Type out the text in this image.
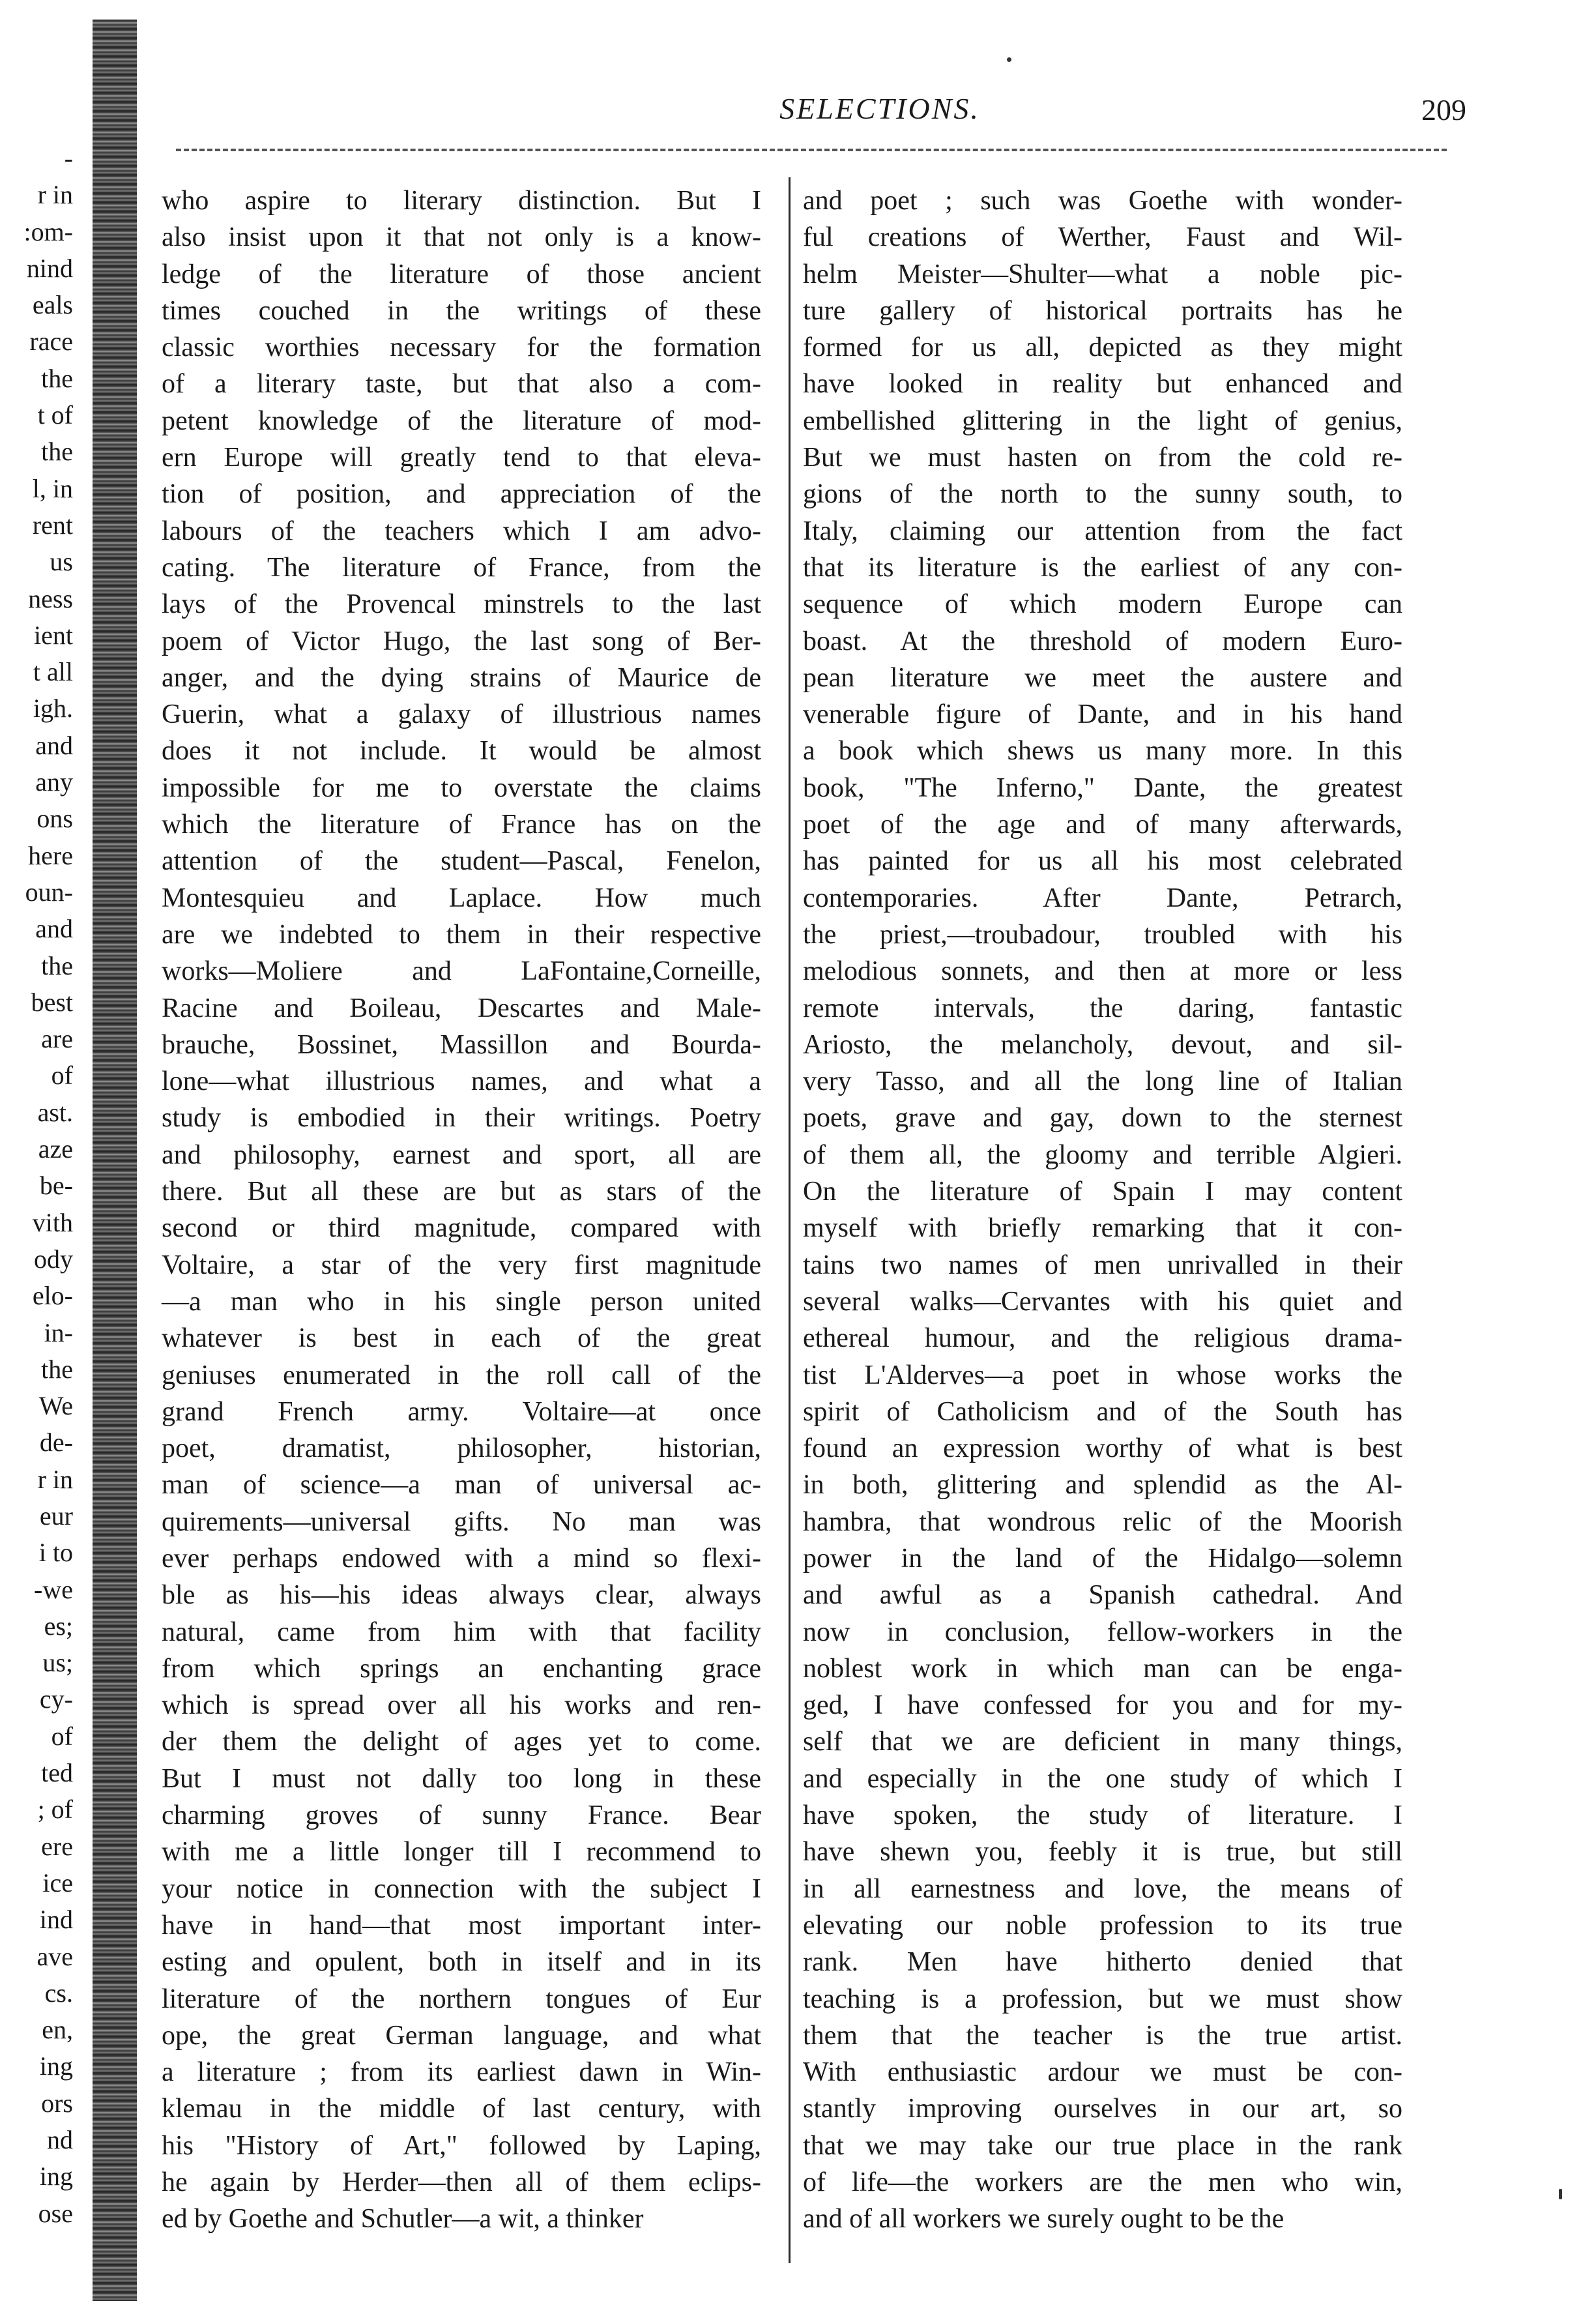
-
r in
:om-
nind
eals
race
the
t of
the
l, in
rent
us
ness
ient
t all
igh.
and
any
ons
here
oun-
and
the
best
are
of
ast.
aze
be-
vith
ody
elo-
in-
the
We
de-
r in
eur
i to
-we
es;
us;
cy-
of
ted
; of
ere
ice
ind
ave
cs.
en,
ing
ors
nd
ing
ose
SELECTIONS.	209
who aspire to literary distinction. But I
also insist upon it that not only is a know-
ledge of the literature of those ancient
times couched in the writings of these
classic worthies necessary for the formation
of a literary taste, but that also a com-
petent knowledge of the literature of mod-
ern Europe will greatly tend to that eleva-
tion of position, and appreciation of the
labours of the teachers which I am advo-
cating. The literature of France, from the
lays of the Provencal minstrels to the last
poem of Victor Hugo, the last song of Ber-
anger, and the dying strains of Maurice de
Guerin, what a galaxy of illustrious names
does it not include. It would be almost
impossible for me to overstate the claims
which the literature of France has on the
attention of the student—Pascal, Fenelon,
Montesquieu and Laplace. How much
are we indebted to them in their respective
works—Moliere and LaFontaine,Corneille,
Racine and Boileau, Descartes and Male-
brauche, Bossinet, Massillon and Bourda-
lone—what illustrious names, and what a
study is embodied in their writings. Poetry
and philosophy, earnest and sport, all are
there. But all these are but as stars of the
second or third magnitude, compared with
Voltaire, a star of the very first magnitude
—a man who in his single person united
whatever is best in each of the great
geniuses enumerated in the roll call of the
grand French army. Voltaire—at once
poet, dramatist, philosopher, historian,
man of science—a man of universal ac-
quirements—universal gifts. No man was
ever perhaps endowed with a mind so flexi-
ble as his—his ideas always clear, always
natural, came from him with that facility
from which springs an enchanting grace
which is spread over all his works and ren-
der them the delight of ages yet to come.
But I must not dally too long in these
charming groves of sunny France. Bear
with me a little longer till I recommend to
your notice in connection with the subject I
have in hand—that most important inter-
esting and opulent, both in itself and in its
literature of the northern tongues of Eur
ope, the great German language, and what
a literature ; from its earliest dawn in Win-
klemau in the middle of last century, with
his "History of Art," followed by Laping,
he again by Herder—then all of them eclips-
ed by Goethe and Schutler—a wit, a thinker
and poet ; such was Goethe with wonder-
ful creations of Werther, Faust and Wil-
helm Meister—Shulter—what a noble pic-
ture gallery of historical portraits has he
formed for us all, depicted as they might
have looked in reality but enhanced and
embellished glittering in the light of genius,
But we must hasten on from the cold re-
gions of the north to the sunny south, to
Italy, claiming our attention from the fact
that its literature is the earliest of any con-
sequence of which modern Europe can
boast. At the threshold of modern Euro-
pean literature we meet the austere and
venerable figure of Dante, and in his hand
a book which shews us many more. In this
book, "The Inferno," Dante, the greatest
poet of the age and of many afterwards,
has painted for us all his most celebrated
contemporaries. After Dante, Petrarch,
the priest,—troubadour, troubled with his
melodious sonnets, and then at more or less
remote intervals, the daring, fantastic
Ariosto, the melancholy, devout, and sil-
very Tasso, and all the long line of Italian
poets, grave and gay, down to the sternest
of them all, the gloomy and terrible Algieri.
On the literature of Spain I may content
myself with briefly remarking that it con-
tains two names of men unrivalled in their
several walks—Cervantes with his quiet and
ethereal humour, and the religious drama-
tist L'Alderves—a poet in whose works the
spirit of Catholicism and of the South has
found an expression worthy of what is best
in both, glittering and splendid as the Al-
hambra, that wondrous relic of the Moorish
power in the land of the Hidalgo—solemn
and awful as a Spanish cathedral. And
now in conclusion, fellow-workers in the
noblest work in which man can be enga-
ged, I have confessed for you and for my-
self that we are deficient in many things,
and especially in the one study of which I
have spoken, the study of literature. I
have shewn you, feebly it is true, but still
in all earnestness and love, the means of
elevating our noble profession to its true
rank. Men have hitherto denied that
teaching is a profession, but we must show
them that the teacher is the true artist.
With enthusiastic ardour we must be con-
stantly improving ourselves in our art, so
that we may take our true place in the rank
of life—the workers are the men who win,
and of all workers we surely ought to be the
